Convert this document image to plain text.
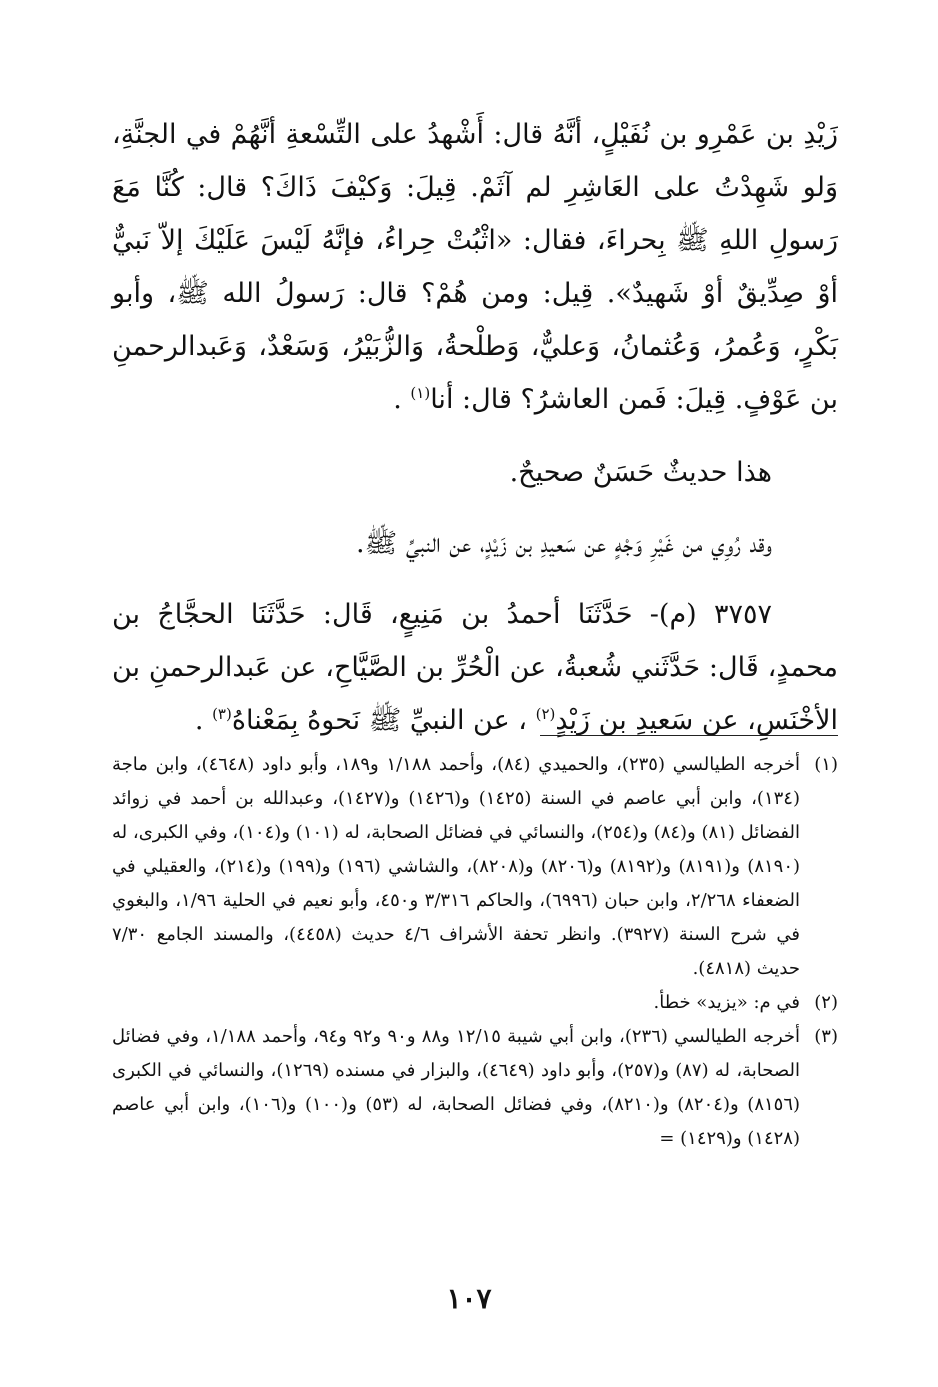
زَيْدِ بن عَمْرِو بن نُفَيْلٍ، أنَّهُ قال: أَشْهدُ على التِّسْعةِ أنَّهُمْ في الجنَّةِ، وَلو شَهِدْتُ على العَاشِرِ لم آثَمْ. قِيلَ: وَكيْفَ ذَاكَ؟ قال: كُنَّا مَعَ رَسولِ اللهِ ﷺ بِحراءَ، فقال: «اثْبُتْ حِراءُ، فإنَّهُ لَيْسَ عَلَيْكَ إلاّ نَبيٌّ أوْ صِدِّيقٌ أوْ شَهيدٌ». قِيل: ومن هُمْ؟ قال: رَسولُ الله ﷺ، وأبو بَكْرٍ، وَعُمرُ، وَعُثمانُ، وَعليٌّ، وَطلْحةُ، وَالزُّبَيْرُ، وَسَعْدٌ، وَعَبدالرحمنِ بن عَوْفٍ. قِيلَ: فَمن العاشرُ؟ قال: أنا$^{(١)}$ .

هذا حديثٌ حَسَنٌ صحيحٌ.

وقد رُوِي من غَيْرِ وَجْهٍ عن سَعيدِ بن زَيْدٍ، عن النبيِّ ﷺ.

٣٧٥٧ (م)- حَدَّثَنَا أحمدُ بن مَنِيعٍ، قَال: حَدَّثَنَا الحجَّاجُ بن محمدٍ، قَال: حَدَّثَني شُعبةُ، عن الْحُرِّ بن الصَّيَّاحِ، عن عَبدالرحمنِ بن الأخْنَسِ، عن سَعيدِ بن زَيْدٍ$^{(٢)}$ ، عن النبيِّ ﷺ نَحوهُ بِمَعْناهُ$^{(٣)}$ .

(١)
أخرجه الطيالسي (٢٣٥)، والحميدي (٨٤)، وأحمد ١/١٨٨ و١٨٩، وأبو داود (٤٦٤٨)، وابن ماجة (١٣٤)، وابن أبي عاصم في السنة (١٤٢٥) و(١٤٢٦) و(١٤٢٧)، وعبدالله بن أحمد في زوائد الفضائل (٨١) و(٨٤) و(٢٥٤)، والنسائي في فضائل الصحابة، له (١٠١) و(١٠٤)، وفي الكبرى، له (٨١٩٠) و(٨١٩١) و(٨١٩٢) و(٨٢٠٦) و(٨٢٠٨)، والشاشي (١٩٦) و(١٩٩) و(٢١٤)، والعقيلي في الضعفاء ٢/٢٦٨، وابن حبان (٦٩٩٦)، والحاكم ٣/٣١٦ و٤٥٠، وأبو نعيم في الحلية ١/٩٦، والبغوي في شرح السنة (٣٩٢٧). وانظر تحفة الأشراف ٤/٦ حديث (٤٤٥٨)، والمسند الجامع ٧/٣٠ حديث (٤٨١٨).
(٢)
في م: «يزيد» خطأ.
(٣)
أخرجه الطيالسي (٢٣٦)، وابن أبي شيبة ١٢/١٥ و٨٨ و٩٠ و٩٢ و٩٤، وأحمد ١/١٨٨، وفي فضائل الصحابة، له (٨٧) و(٢٥٧)، وأبو داود (٤٦٤٩)، والبزار في مسنده (١٢٦٩)، والنسائي في الكبرى (٨١٥٦) و(٨٢٠٤) و(٨٢١٠)، وفي فضائل الصحابة، له (٥٣) و(١٠٠) و(١٠٦)، وابن أبي عاصم (١٤٢٨) و(١٤٢٩) =
١٠٧
